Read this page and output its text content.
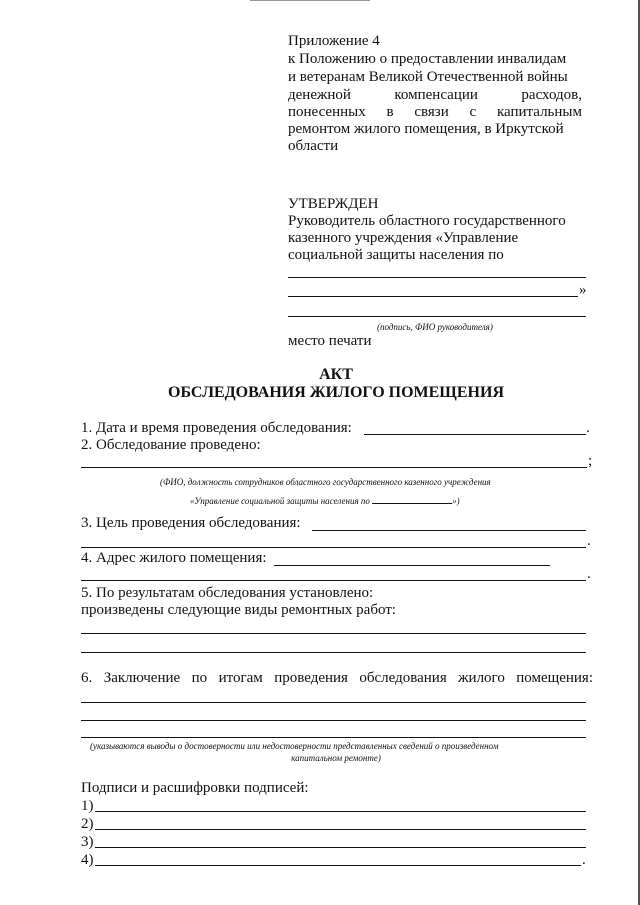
Приложение 4
к Положению о предоставлении инвалидам
и ветеранам Великой Отечественной войны
денежной компенсации расходов,
понесенных в связи с капитальным
ремонтом жилого помещения, в Иркутской
области
УТВЕРЖДЕН
Руководитель областного государственного
казенного учреждения «Управление
социальной защиты населения по
»
(подпись, ФИО руководителя)
место печати
АКТ
ОБСЛЕДОВАНИЯ ЖИЛОГО ПОМЕЩЕНИЯ
1. Дата и время проведения обследования:	.
2. Обследование проведено:
;
(ФИО, должность сотрудников областного государственного казенного учреждения
«Управление социальной защиты населения по	»)
3. Цель проведения обследования:
.
4. Адрес жилого помещения:
.
5. По результатам обследования установлено:
произведены следующие виды ремонтных работ:
6. Заключение по итогам проведения обследования жилого помещения:
(указываются выводы о достоверности или недостоверности представленных сведений о произведенном
капитальном ремонте)
Подписи и расшифровки подписей:
1)
2)
3)
4)	.
